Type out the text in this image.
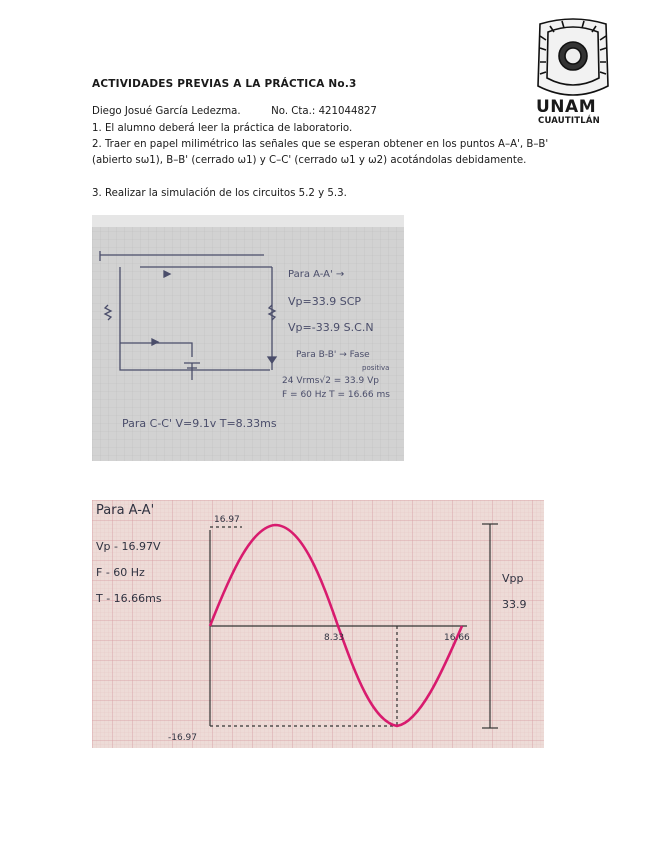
ACTIVIDADES PREVIAS A LA PRÁCTICA No.3
Diego Josué García Ledezma.	No. Cta.: 421044827
1. El alumno deberá leer la práctica de laboratorio.
2. Traer en papel milimétrico las señales que se esperan obtener en los puntos A–A', B–B' (abierto sω1), B–B' (cerrado ω1) y C–C' (cerrado ω1 y ω2) acotándolas debidamente.
3. Realizar la simulación de los circuitos 5.2 y 5.3.
UNAM
CUAUTITLÁN
Para A-A' →
Vp=33.9 SCP
Vp=-33.9 S.C.N
Para B-B' → Fase
positiva
24 Vrms√2 = 33.9 Vp
F = 60 Hz T = 16.66 ms
Para C-C' V=9.1v T=8.33ms
Para A-A'
Vp - 16.97V
F - 60 Hz
T - 16.66ms
16.97
-16.97
8.33	16.66
Vpp
33.9
